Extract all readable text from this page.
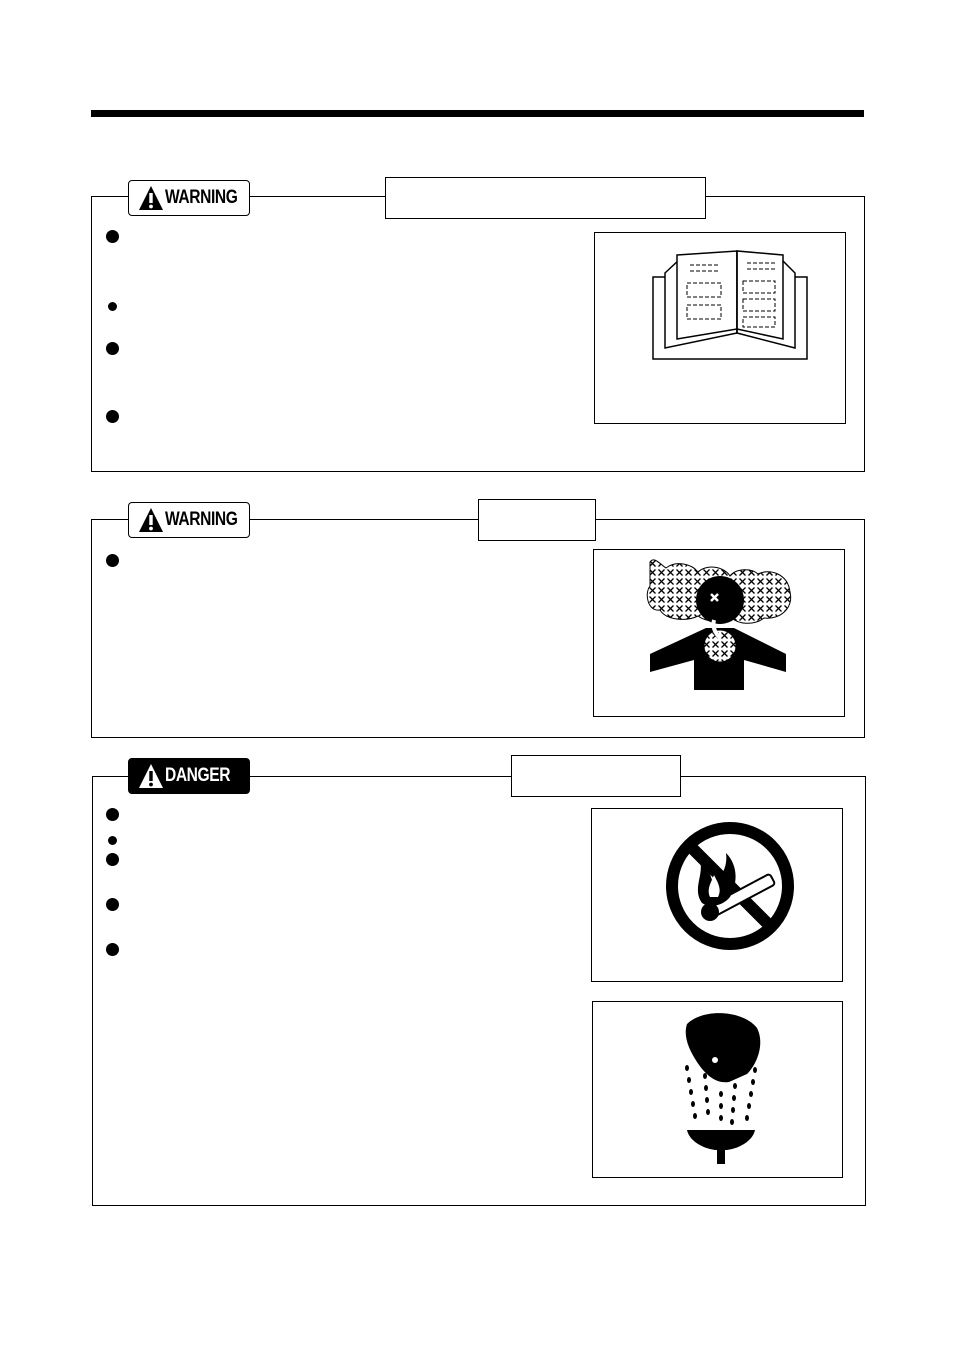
WARNING
WARNING
DANGER
